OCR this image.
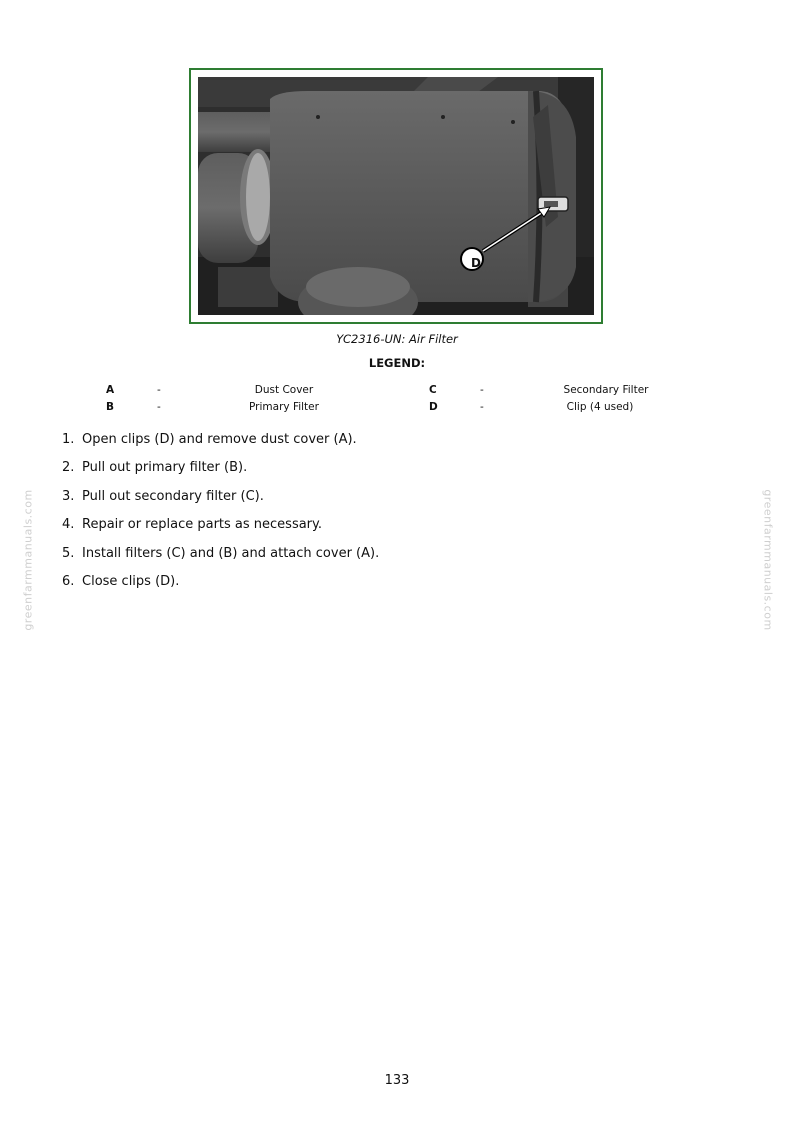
D
YC2316-UN: Air Filter
LEGEND:
A	-	Dust Cover	C	-	Secondary Filter
B	-	Primary Filter	D	-	Clip (4 used)
1. Open clips (D) and remove dust cover (A).
2. Pull out primary filter (B).
3. Pull out secondary filter (C).
4. Repair or replace parts as necessary.
5. Install filters (C) and (B) and attach cover (A).
6. Close clips (D).
greenfarmmanuals.com	greenfarmmanuals.com
133
